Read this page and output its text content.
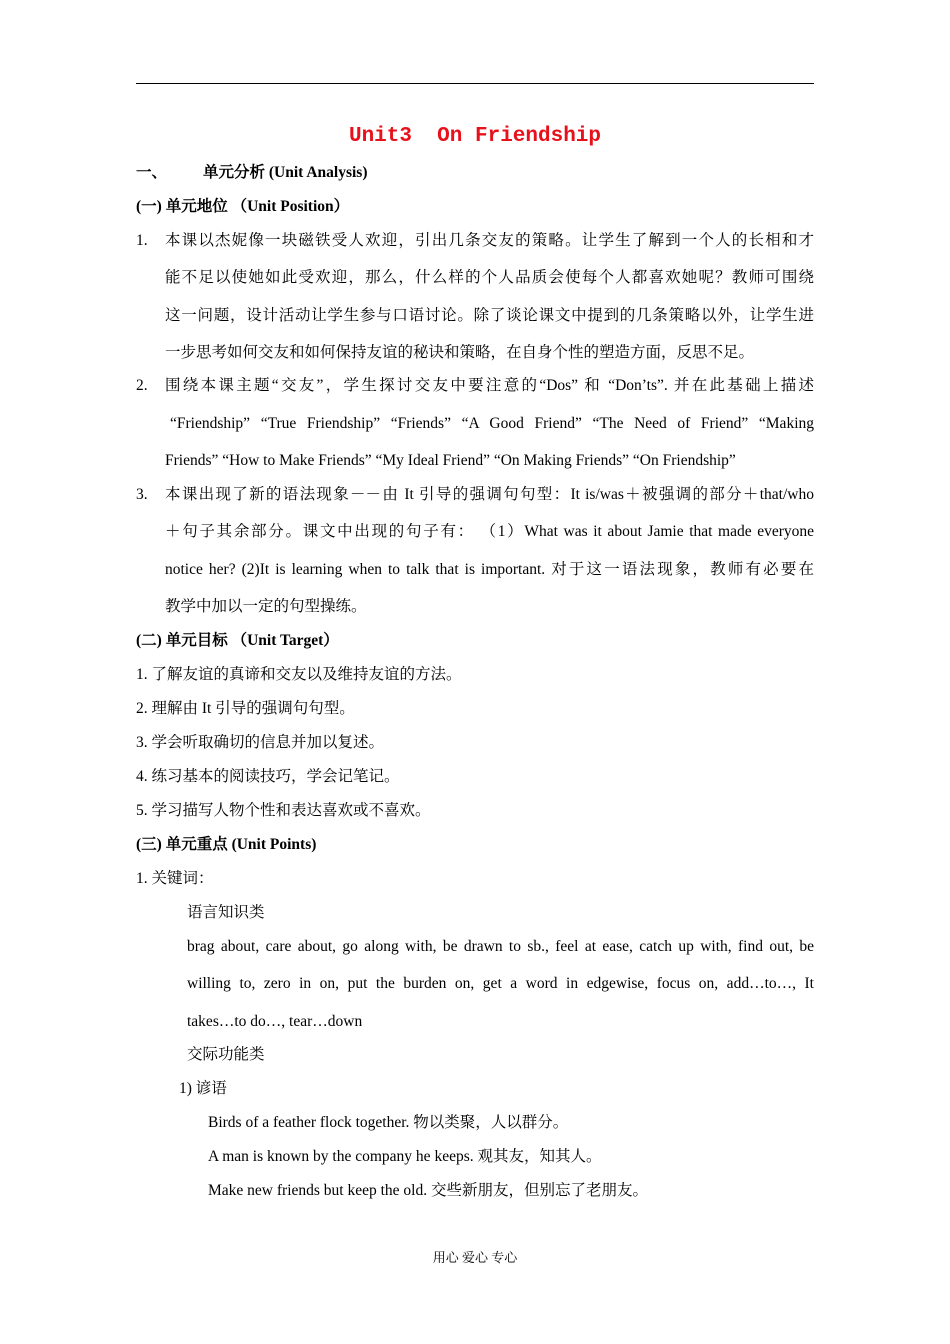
Unit3  On Friendship
一、 单元分析 (Unit Analysis)
(一) 单元地位 （Unit Position）
1. 本课以杰妮像一块磁铁受人欢迎，引出几条交友的策略。让学生了解到一个人的长相和才
能不足以使她如此受欢迎，那么，什么样的个人品质会使每个人都喜欢她呢？教师可围绕
这一问题，设计活动让学生参与口语讨论。除了谈论课文中提到的几条策略以外，让学生进
一步思考如何交友和如何保持友谊的秘诀和策略，在自身个性的塑造方面，反思不足。
2. 围绕本课主题“交友”，学生探讨交友中要注意的“Dos” 和 “Don’ts”. 并在此基础上描述
“Friendship” “True Friendship” “Friends” “A Good Friend” “The Need of Friend” “Making
Friends” “How to Make Friends” “My Ideal Friend” “On Making Friends” “On Friendship”
3. 本课出现了新的语法现象－－由 It 引导的强调句句型：It is/was＋被强调的部分＋that/who
＋句子其余部分。课文中出现的句子有： （1）What was it about Jamie that made everyone
notice her? (2)It is learning when to talk that is important. 对于这一语法现象，教师有必要在
教学中加以一定的句型操练。
(二) 单元目标 （Unit Target）
1. 了解友谊的真谛和交友以及维持友谊的方法。
2. 理解由 It 引导的强调句句型。
3. 学会听取确切的信息并加以复述。
4. 练习基本的阅读技巧，学会记笔记。
5. 学习描写人物个性和表达喜欢或不喜欢。
(三) 单元重点 (Unit Points)
1. 关键词：
语言知识类
brag about, care about, go along with, be drawn to sb., feel at ease, catch up with, find out, be
willing to, zero in on, put the burden on, get a word in edgewise, focus on, add…to…, It
takes…to do…, tear…down
交际功能类
1) 谚语
Birds of a feather flock together. 物以类聚，人以群分。
A man is known by the company he keeps. 观其友，知其人。
Make new friends but keep the old. 交些新朋友，但别忘了老朋友。
用心 爱心 专心
